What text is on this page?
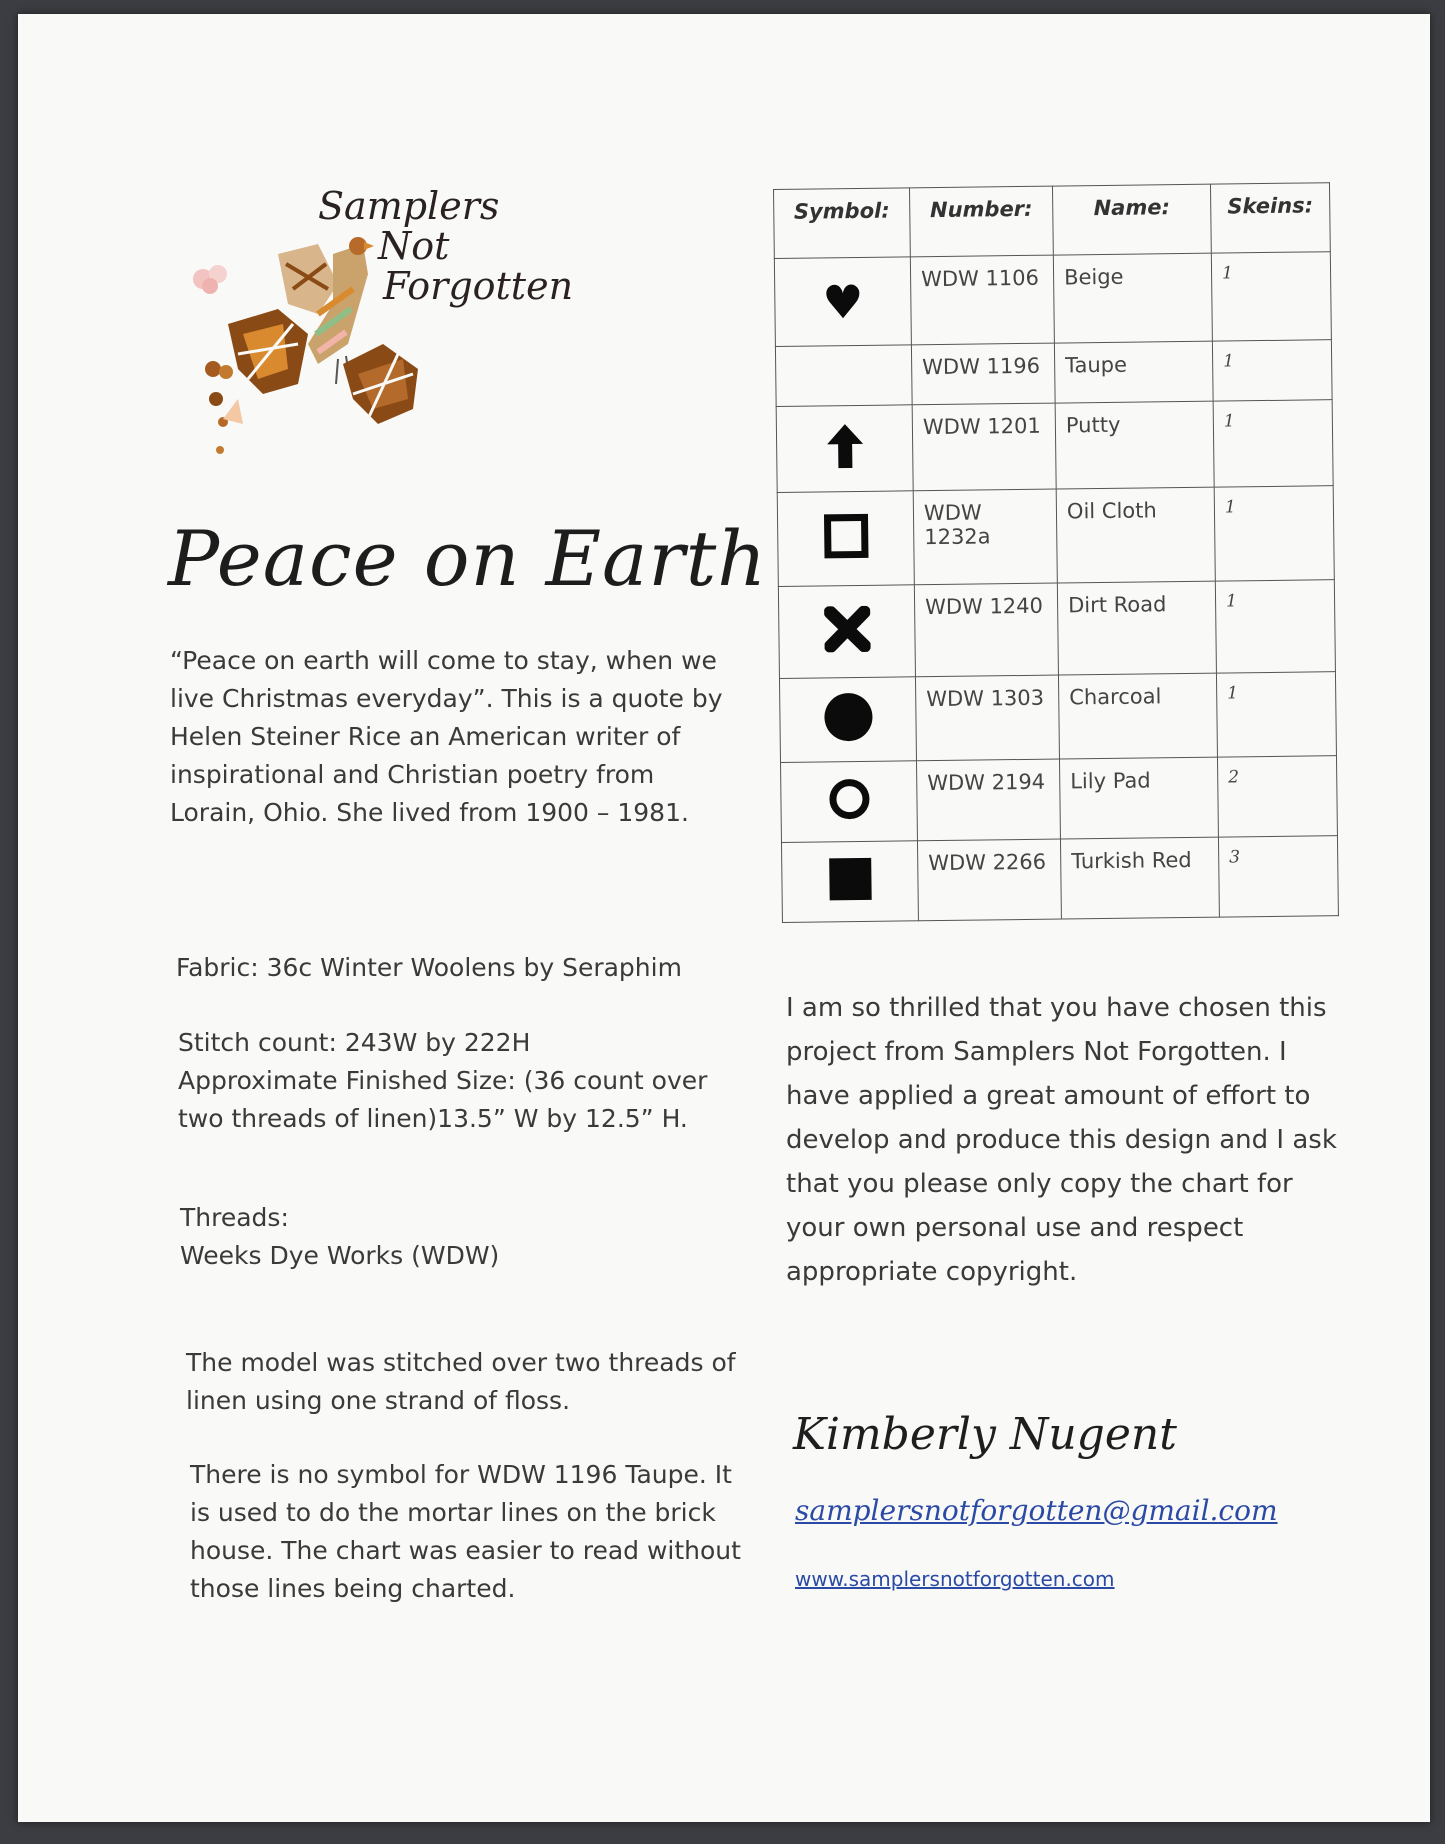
Samplers
Not
Forgotten
Peace on Earth
“Peace on earth will come to stay, when we live Christmas everyday”. This is a quote by Helen Steiner Rice an American writer of inspirational and Christian poetry from Lorain, Ohio. She lived from 1900 – 1981.
Fabric: 36c Winter Woolens by Seraphim
Stitch count: 243W by 222H
Approximate Finished Size: (36 count over two threads of linen)13.5” W by 12.5” H.
Threads:
Weeks Dye Works (WDW)
The model was stitched over two threads of linen using one strand of floss.
There is no symbol for WDW 1196 Taupe. It is used to do the mortar lines on the brick house. The chart was easier to read without those lines being charted.
Symbol:	Number:	Name:	Skeins:
♥	WDW 1106	Beige	1
	WDW 1196	Taupe	1
	WDW 1201	Putty	1
	WDW 1232a	Oil Cloth	1
	WDW 1240	Dirt Road	1
	WDW 1303	Charcoal	1
	WDW 2194	Lily Pad	2
	WDW 2266	Turkish Red	3
I am so thrilled that you have chosen this project from Samplers Not Forgotten. I have applied a great amount of effort to develop and produce this design and I ask that you please only copy the chart for your own personal use and respect appropriate copyright.
Kimberly Nugent
samplersnotforgotten@gmail.com
www.samplersnotforgotten.com
